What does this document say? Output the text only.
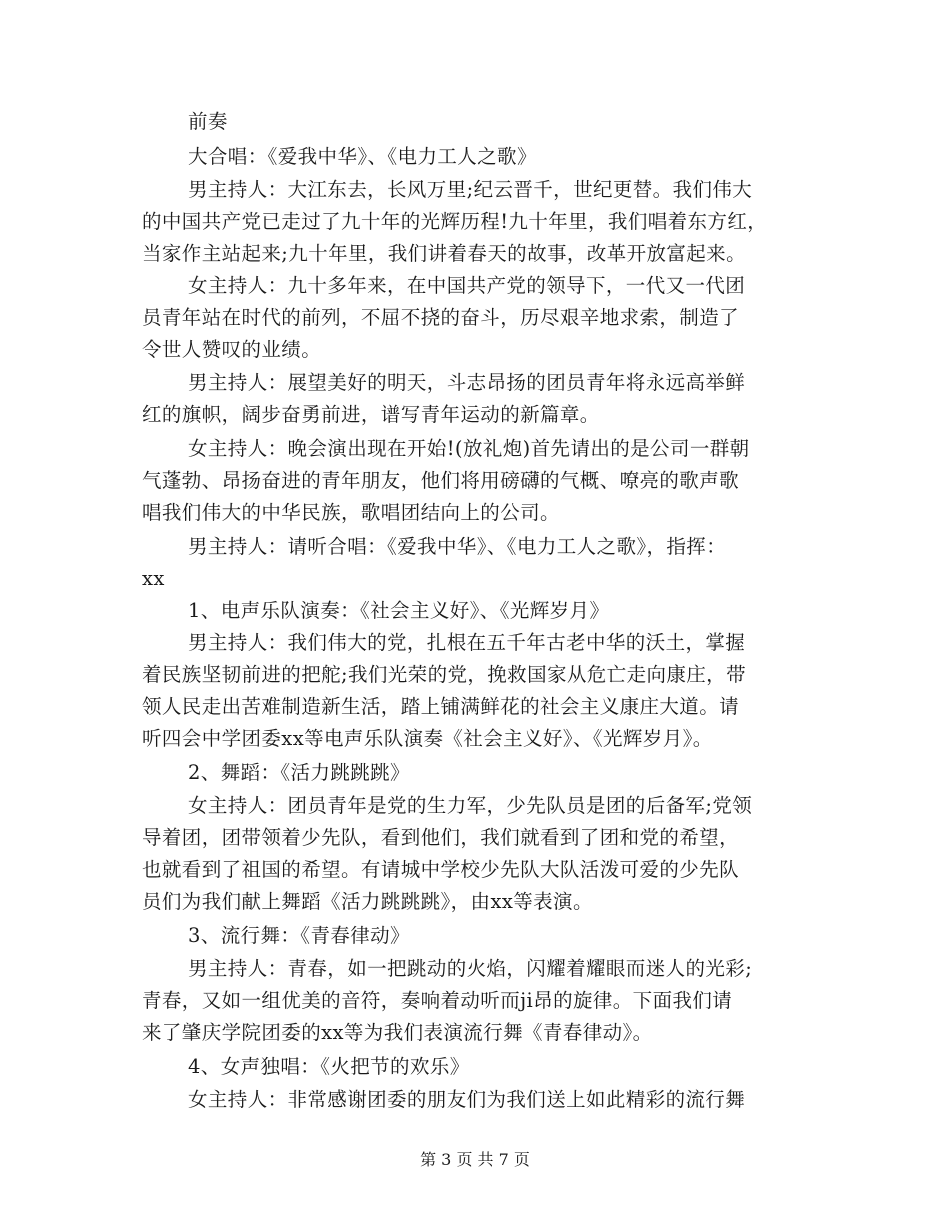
前奏
大合唱：《爱我中华》、《电力工人之歌》
男主持人：大江东去，长风万里;纪云晋千，世纪更替。我们伟大
的中国共产党已走过了九十年的光辉历程!九十年里，我们唱着东方红，
当家作主站起来;九十年里，我们讲着春天的故事，改革开放富起来。
女主持人：九十多年来，在中国共产党的领导下，一代又一代团
员青年站在时代的前列，不屈不挠的奋斗，历尽艰辛地求索，制造了
令世人赞叹的业绩。
男主持人：展望美好的明天，斗志昂扬的团员青年将永远高举鲜
红的旗帜，阔步奋勇前进，谱写青年运动的新篇章。
女主持人：晚会演出现在开始!(放礼炮)首先请出的是公司一群朝
气蓬勃、昂扬奋进的青年朋友，他们将用磅礴的气概、嘹亮的歌声歌
唱我们伟大的中华民族，歌唱团结向上的公司。
男主持人：请听合唱：《爱我中华》、《电力工人之歌》，指挥：
xx
1、电声乐队演奏：《社会主义好》、《光辉岁月》
男主持人：我们伟大的党，扎根在五千年古老中华的沃土，掌握
着民族坚韧前进的把舵;我们光荣的党，挽救国家从危亡走向康庄，带
领人民走出苦难制造新生活，踏上铺满鲜花的社会主义康庄大道。请
听四会中学团委xx等电声乐队演奏《社会主义好》、《光辉岁月》。
2、舞蹈：《活力跳跳跳》
女主持人：团员青年是党的生力军，少先队员是团的后备军;党领
导着团，团带领着少先队，看到他们，我们就看到了团和党的希望，
也就看到了祖国的希望。有请城中学校少先队大队活泼可爱的少先队
员们为我们献上舞蹈《活力跳跳跳》，由xx等表演。
3、流行舞：《青春律动》
男主持人：青春，如一把跳动的火焰，闪耀着耀眼而迷人的光彩;
青春，又如一组优美的音符，奏响着动听而ji昂的旋律。下面我们请
来了肇庆学院团委的xx等为我们表演流行舞《青春律动》。
4、女声独唱：《火把节的欢乐》
女主持人：非常感谢团委的朋友们为我们送上如此精彩的流行舞
第 3 页 共 7 页
